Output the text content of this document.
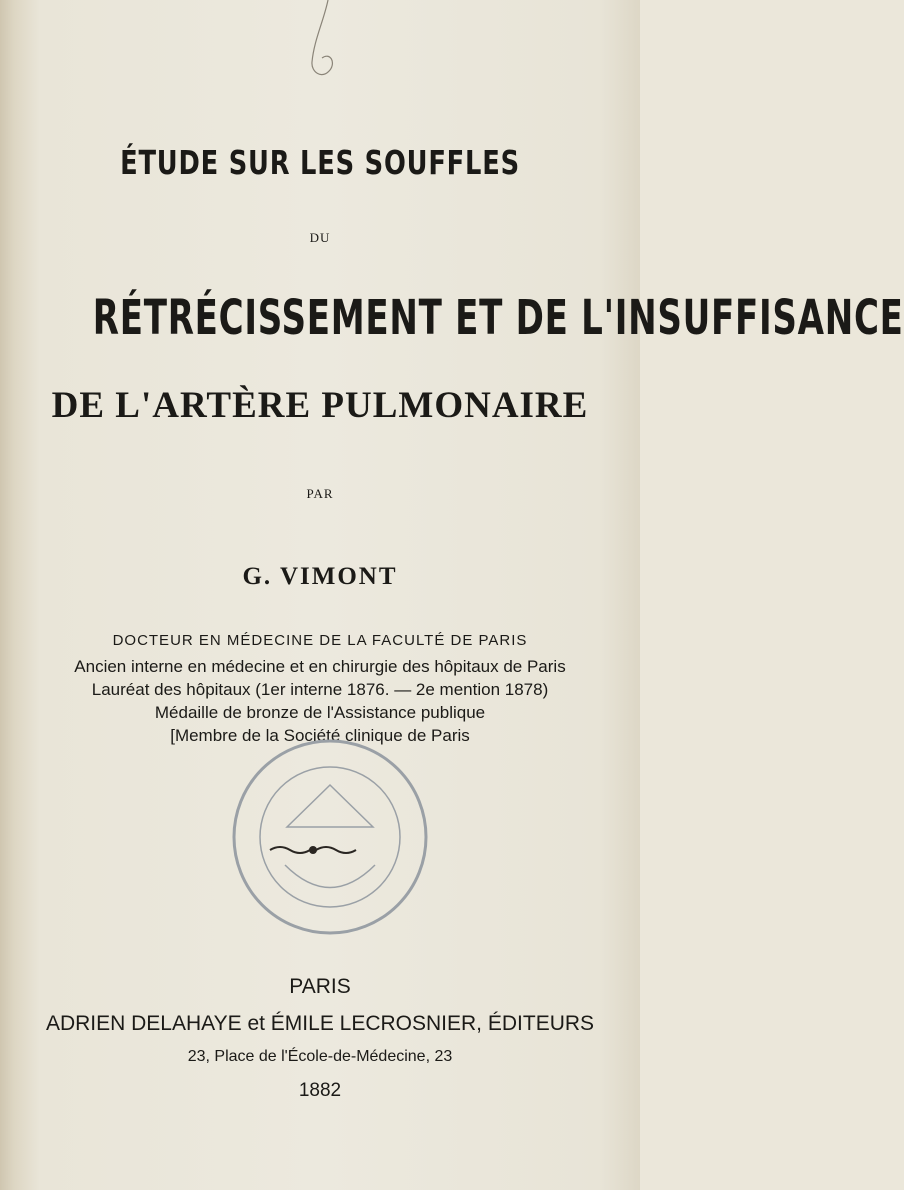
ÉTUDE SUR LES SOUFFLES
DU
RÉTRÉCISSEMENT ET DE L'INSUFFISANCE
DE L'ARTÈRE PULMONAIRE
PAR
G. VIMONT
DOCTEUR EN MÉDECINE DE LA FACULTÉ DE PARIS
Ancien interne en médecine et en chirurgie des hôpitaux de Paris
Lauréat des hôpitaux (1er interne 1876. — 2e mention 1878)
Médaille de bronze de l'Assistance publique
[Membre de la Société clinique de Paris
PARIS
ADRIEN DELAHAYE et ÉMILE LECROSNIER, ÉDITEURS
23, Place de l'École-de-Médecine, 23
1882
